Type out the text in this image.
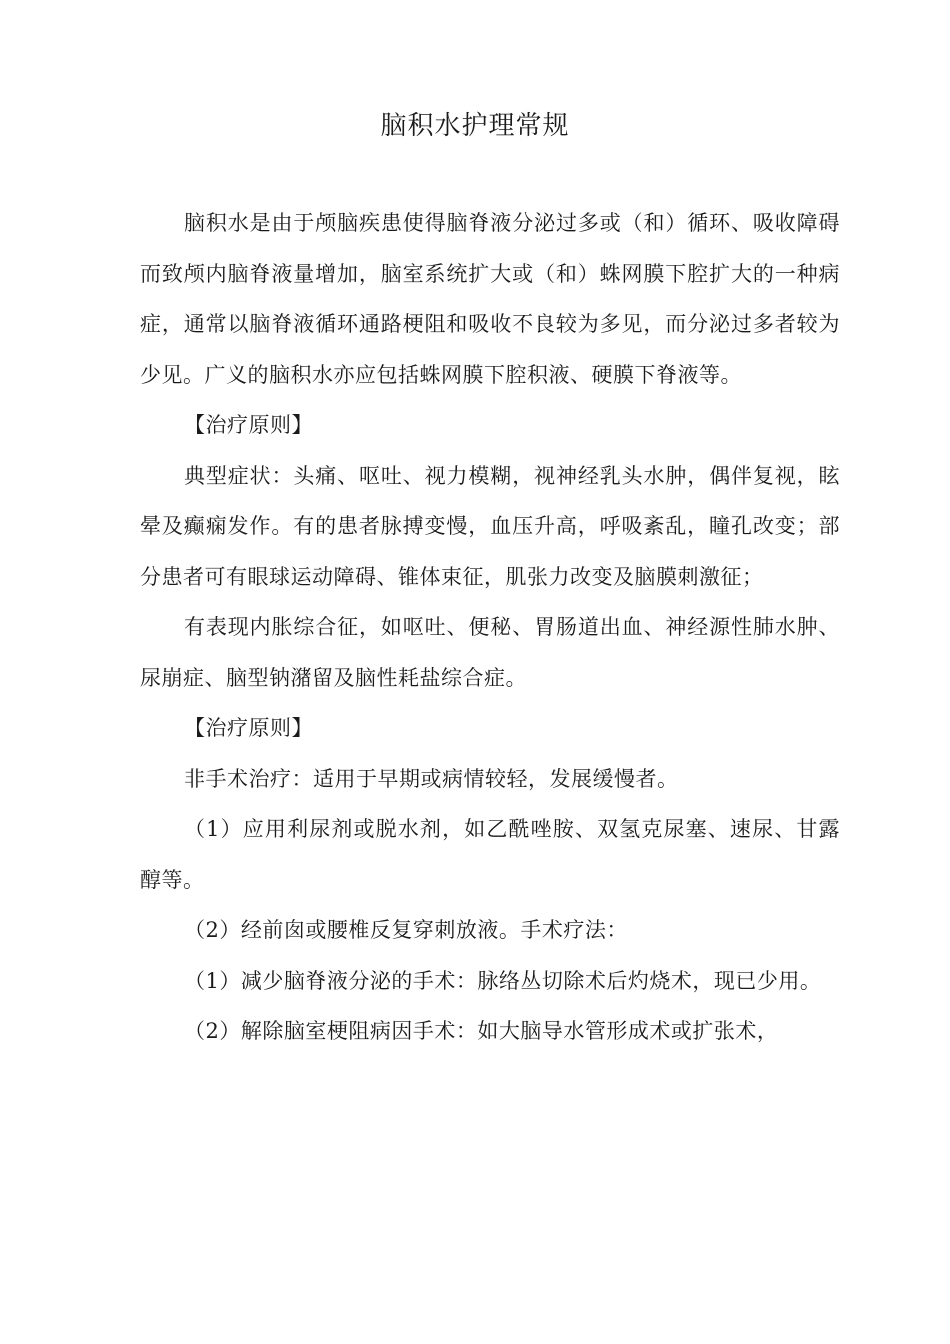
脑积水护理常规

脑积水是由于颅脑疾患使得脑脊液分泌过多或（和）循环、吸收障碍而致颅内脑脊液量增加，脑室系统扩大或（和）蛛网膜下腔扩大的一种病症，通常以脑脊液循环通路梗阻和吸收不良较为多见，而分泌过多者较为少见。广义的脑积水亦应包括蛛网膜下腔积液、硬膜下脊液等。

【治疗原则】

典型症状：头痛、呕吐、视力模糊，视神经乳头水肿，偶伴复视，眩晕及癫痫发作。有的患者脉搏变慢，血压升高，呼吸紊乱，瞳孔改变；部分患者可有眼球运动障碍、锥体束征，肌张力改变及脑膜刺激征；

有表现内胀综合征，如呕吐、便秘、胃肠道出血、神经源性肺水肿、尿崩症、脑型钠潴留及脑性耗盐综合症。

【治疗原则】

非手术治疗：适用于早期或病情较轻，发展缓慢者。

（1）应用利尿剂或脱水剂，如乙酰唑胺、双氢克尿塞、速尿、甘露醇等。

（2）经前囱或腰椎反复穿刺放液。手术疗法：

（1）减少脑脊液分泌的手术：脉络丛切除术后灼烧术，现已少用。

（2）解除脑室梗阻病因手术：如大脑导水管形成术或扩张术，
